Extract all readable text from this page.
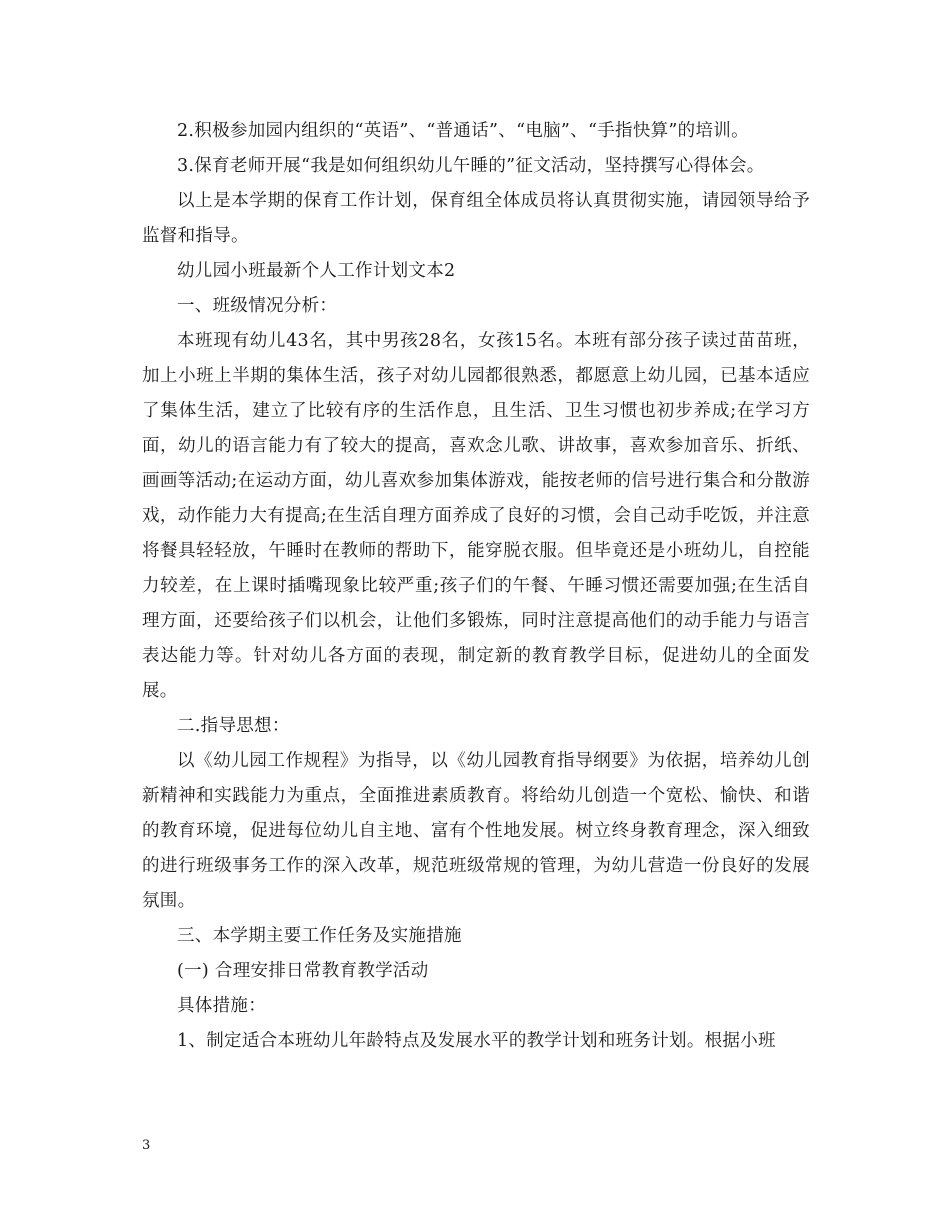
2.积极参加园内组织的“英语”、“普通话”、“电脑”、“手指快算”的培训。

3.保育老师开展“我是如何组织幼儿午睡的”征文活动，坚持撰写心得体会。

以上是本学期的保育工作计划，保育组全体成员将认真贯彻实施，请园领导给予监督和指导。

幼儿园小班最新个人工作计划文本2

一、班级情况分析：

本班现有幼儿43名，其中男孩28名，女孩15名。本班有部分孩子读过苗苗班，加上小班上半期的集体生活，孩子对幼儿园都很熟悉，都愿意上幼儿园，已基本适应了集体生活，建立了比较有序的生活作息，且生活、卫生习惯也初步养成;在学习方面，幼儿的语言能力有了较大的提高，喜欢念儿歌、讲故事，喜欢参加音乐、折纸、画画等活动;在运动方面，幼儿喜欢参加集体游戏，能按老师的信号进行集合和分散游戏，动作能力大有提高;在生活自理方面养成了良好的习惯，会自己动手吃饭，并注意将餐具轻轻放，午睡时在教师的帮助下，能穿脱衣服。但毕竟还是小班幼儿，自控能力较差，在上课时插嘴现象比较严重;孩子们的午餐、午睡习惯还需要加强;在生活自理方面，还要给孩子们以机会，让他们多锻炼，同时注意提高他们的动手能力与语言表达能力等。针对幼儿各方面的表现，制定新的教育教学目标，促进幼儿的全面发展。

二.指导思想：

以《幼儿园工作规程》为指导，以《幼儿园教育指导纲要》为依据，培养幼儿创新精神和实践能力为重点，全面推进素质教育。将给幼儿创造一个宽松、愉快、和谐的教育环境，促进每位幼儿自主地、富有个性地发展。树立终身教育理念，深入细致的进行班级事务工作的深入改革，规范班级常规的管理，为幼儿营造一份良好的发展氛围。

三、本学期主要工作任务及实施措施

(一) 合理安排日常教育教学活动

具体措施：

1、制定适合本班幼儿年龄特点及发展水平的教学计划和班务计划。根据小班

3
